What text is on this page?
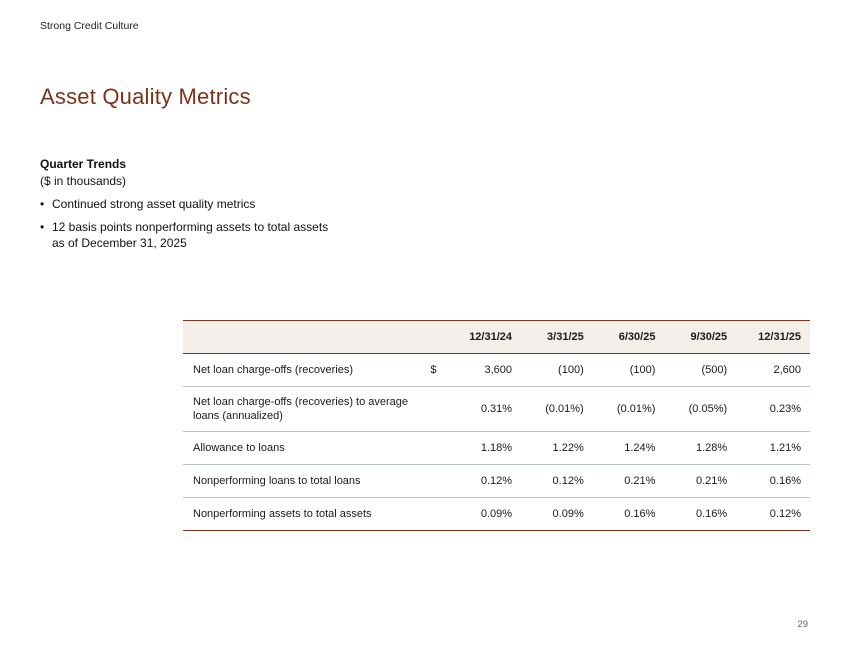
Strong Credit Culture
Asset Quality Metrics
Quarter Trends
($ in thousands)
• Continued strong asset quality metrics
• 12 basis points nonperforming assets to total assets as of December 31, 2025
		12/31/24	3/31/25	6/30/25	9/30/25	12/31/25
Net loan charge-offs (recoveries)	$	3,600	(100)	(100)	(500)	2,600
Net loan charge-offs (recoveries) to average loans (annualized)		0.31%	(0.01%)	(0.01%)	(0.05%)	0.23%
Allowance to loans		1.18%	1.22%	1.24%	1.28%	1.21%
Nonperforming loans to total loans		0.12%	0.12%	0.21%	0.21%	0.16%
Nonperforming assets to total assets		0.09%	0.09%	0.16%	0.16%	0.12%
29
